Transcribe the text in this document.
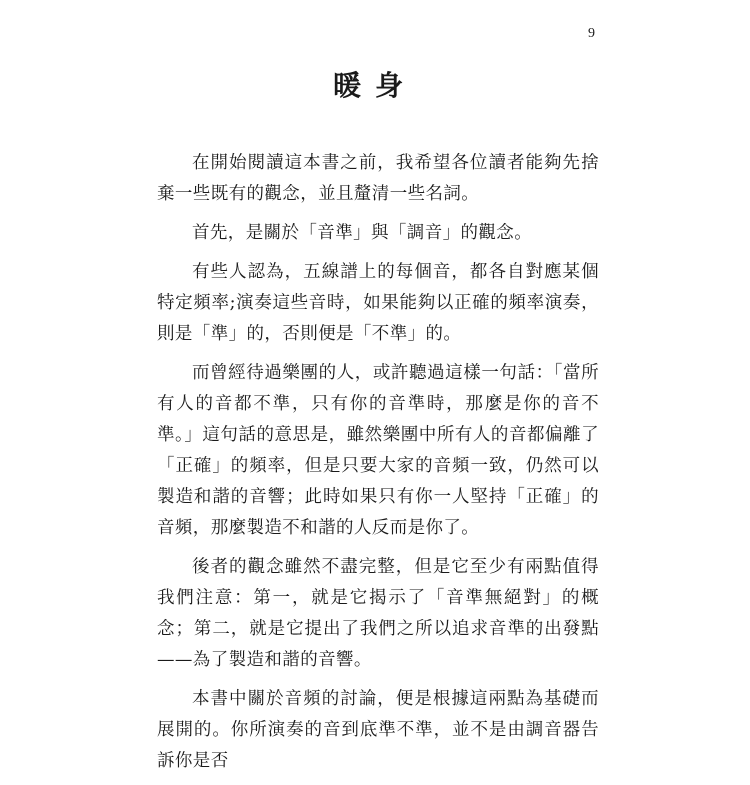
9
暖身

在開始閱讀這本書之前，我希望各位讀者能夠先捨棄一些既有的觀念，並且釐清一些名詞。

首先，是關於「音準」與「調音」的觀念。

有些人認為，五線譜上的每個音，都各自對應某個特定頻率;演奏這些音時，如果能夠以正確的頻率演奏，則是「準」的，否則便是「不準」的。

而曾經待過樂團的人，或許聽過這樣一句話：「當所有人的音都不準，只有你的音準時，那麼是你的音不準。」這句話的意思是，雖然樂團中所有人的音都偏離了「正確」的頻率，但是只要大家的音頻一致，仍然可以製造和諧的音響；此時如果只有你一人堅持「正確」的音頻，那麼製造不和諧的人反而是你了。

後者的觀念雖然不盡完整，但是它至少有兩點值得我們注意：第一，就是它揭示了「音準無絕對」的概念；第二，就是它提出了我們之所以追求音準的出發點——為了製造和諧的音響。

本書中關於音頻的討論，便是根據這兩點為基礎而展開的。你所演奏的音到底準不準，並不是由調音器告訴你是否
